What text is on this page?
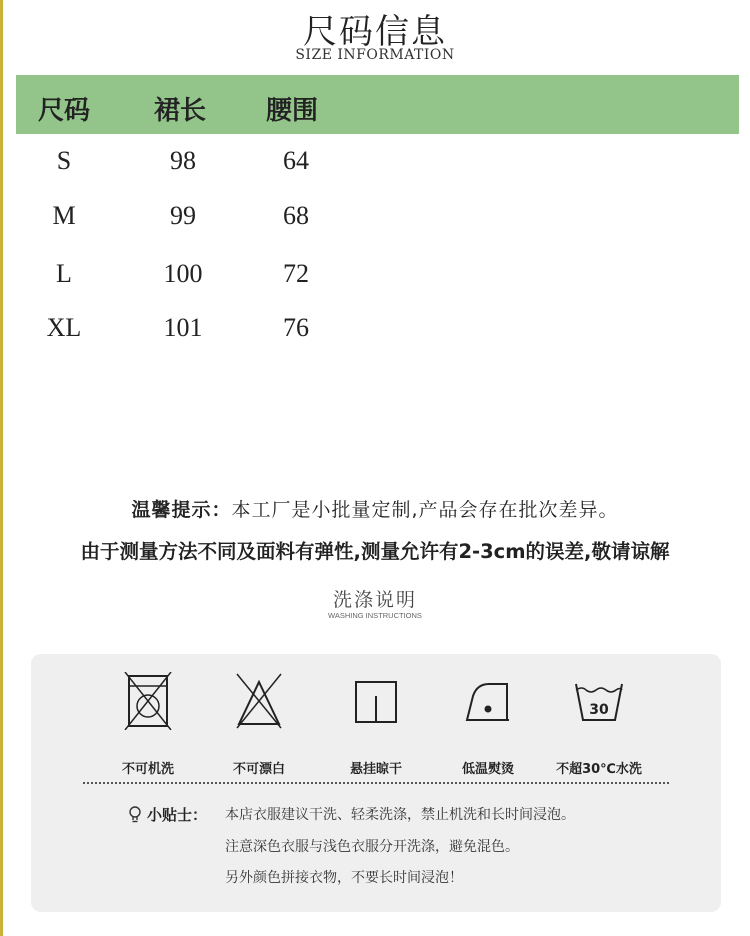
尺码信息
SIZE INFORMATION
尺码 裙长 腰围
S	98	64
M	99	68
L	100	72
XL	101	76
温馨提示：本工厂是小批量定制,产品会存在批次差异。
由于测量方法不同及面料有弹性,测量允许有2-3cm的误差,敬请谅解
洗涤说明
WASHING INSTRUCTIONS
不可机洗	不可漂白	悬挂晾干	低温熨烫
30
不超30℃水洗
小贴士： 本店衣服建议干洗、轻柔洗涤，禁止机洗和长时间浸泡。
注意深色衣服与浅色衣服分开洗涤，避免混色。
另外颜色拼接衣物，不要长时间浸泡！
